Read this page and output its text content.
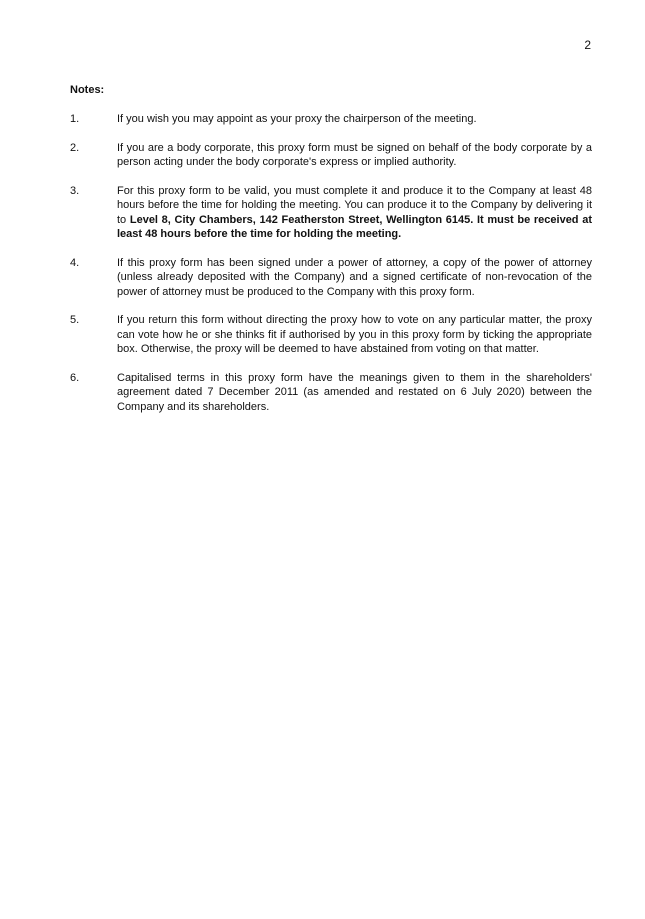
2
Notes:
1.	If you wish you may appoint as your proxy the chairperson of the meeting.
2.	If you are a body corporate, this proxy form must be signed on behalf of the body corporate by a person acting under the body corporate's express or implied authority.
3.	For this proxy form to be valid, you must complete it and produce it to the Company at least 48 hours before the time for holding the meeting. You can produce it to the Company by delivering it to Level 8, City Chambers, 142 Featherston Street, Wellington 6145. It must be received at least 48 hours before the time for holding the meeting.
4.	If this proxy form has been signed under a power of attorney, a copy of the power of attorney (unless already deposited with the Company) and a signed certificate of non-revocation of the power of attorney must be produced to the Company with this proxy form.
5.	If you return this form without directing the proxy how to vote on any particular matter, the proxy can vote how he or she thinks fit if authorised by you in this proxy form by ticking the appropriate box. Otherwise, the proxy will be deemed to have abstained from voting on that matter.
6.	Capitalised terms in this proxy form have the meanings given to them in the shareholders' agreement dated 7 December 2011 (as amended and restated on 6 July 2020) between the Company and its shareholders.
